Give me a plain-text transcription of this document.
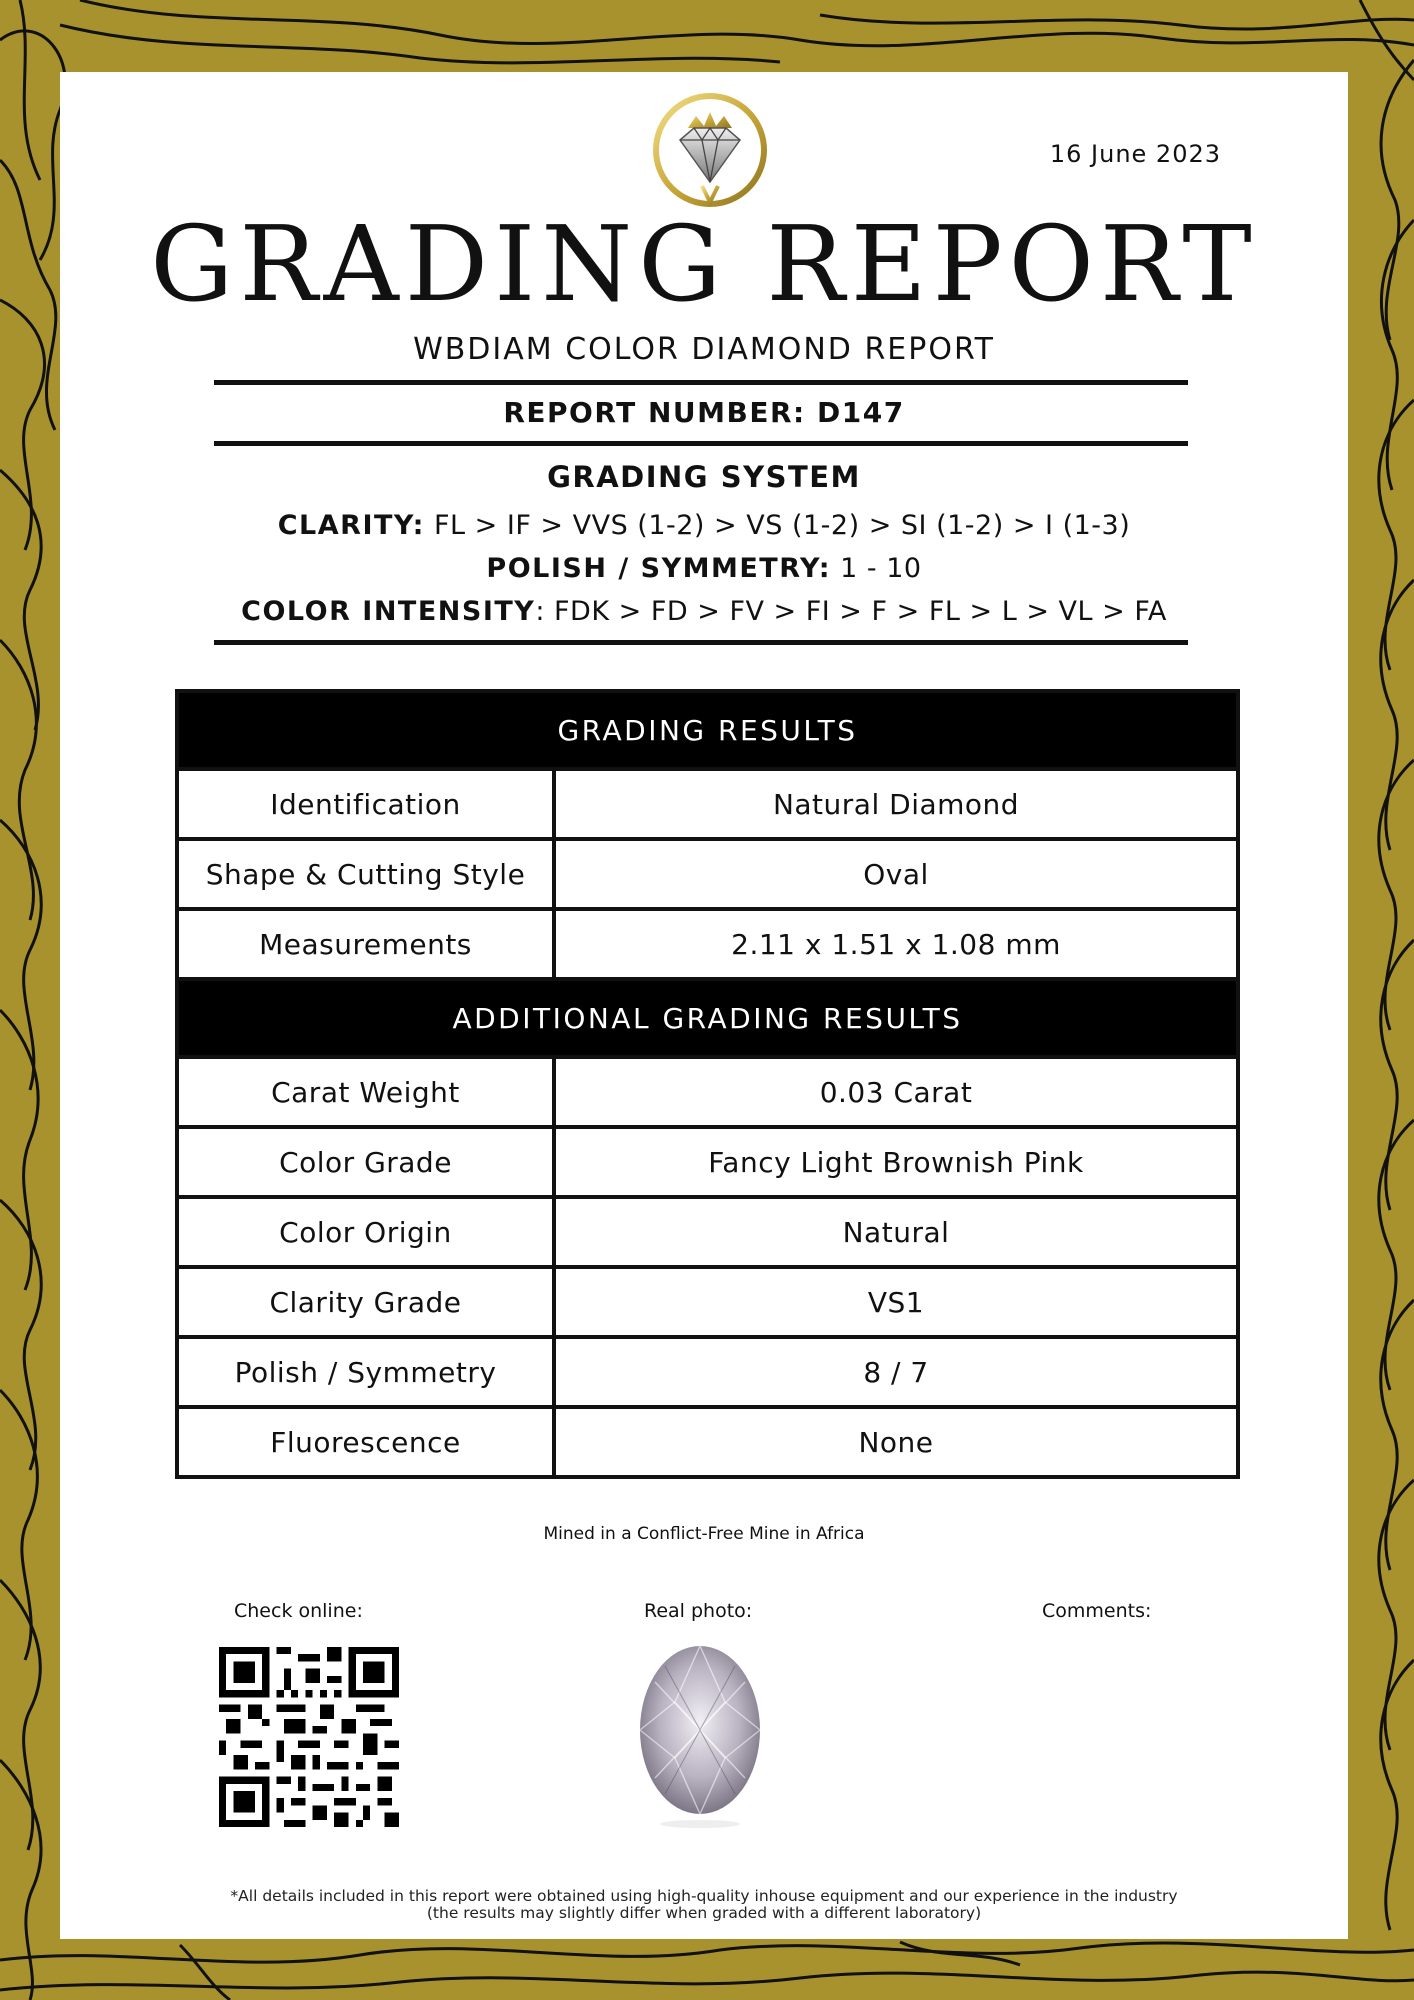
16 June 2023
GRADING REPORT
WBDIAM COLOR DIAMOND REPORT
REPORT NUMBER: D147
GRADING SYSTEM
CLARITY: FL > IF > VVS (1-2) > VS (1-2) > SI (1-2) > I (1-3)
POLISH / SYMMETRY: 1 - 10
COLOR INTENSITY: FDK > FD > FV > FI > F > FL > L > VL > FA
GRADING RESULTS	
Identification	Natural Diamond
Shape & Cutting Style	Oval
Measurements	2.11 x 1.51 x 1.08 mm
ADDITIONAL GRADING RESULTS	
Carat Weight	0.03 Carat
Color Grade	Fancy Light Brownish Pink
Color Origin	Natural
Clarity Grade	VS1
Polish / Symmetry	8 / 7
Fluorescence	None
Mined in a Conflict-Free Mine in Africa
Check online:	Real photo:	Comments:
*All details included in this report were obtained using high-quality inhouse equipment and our experience in the industry
(the results may slightly differ when graded with a different laboratory)
